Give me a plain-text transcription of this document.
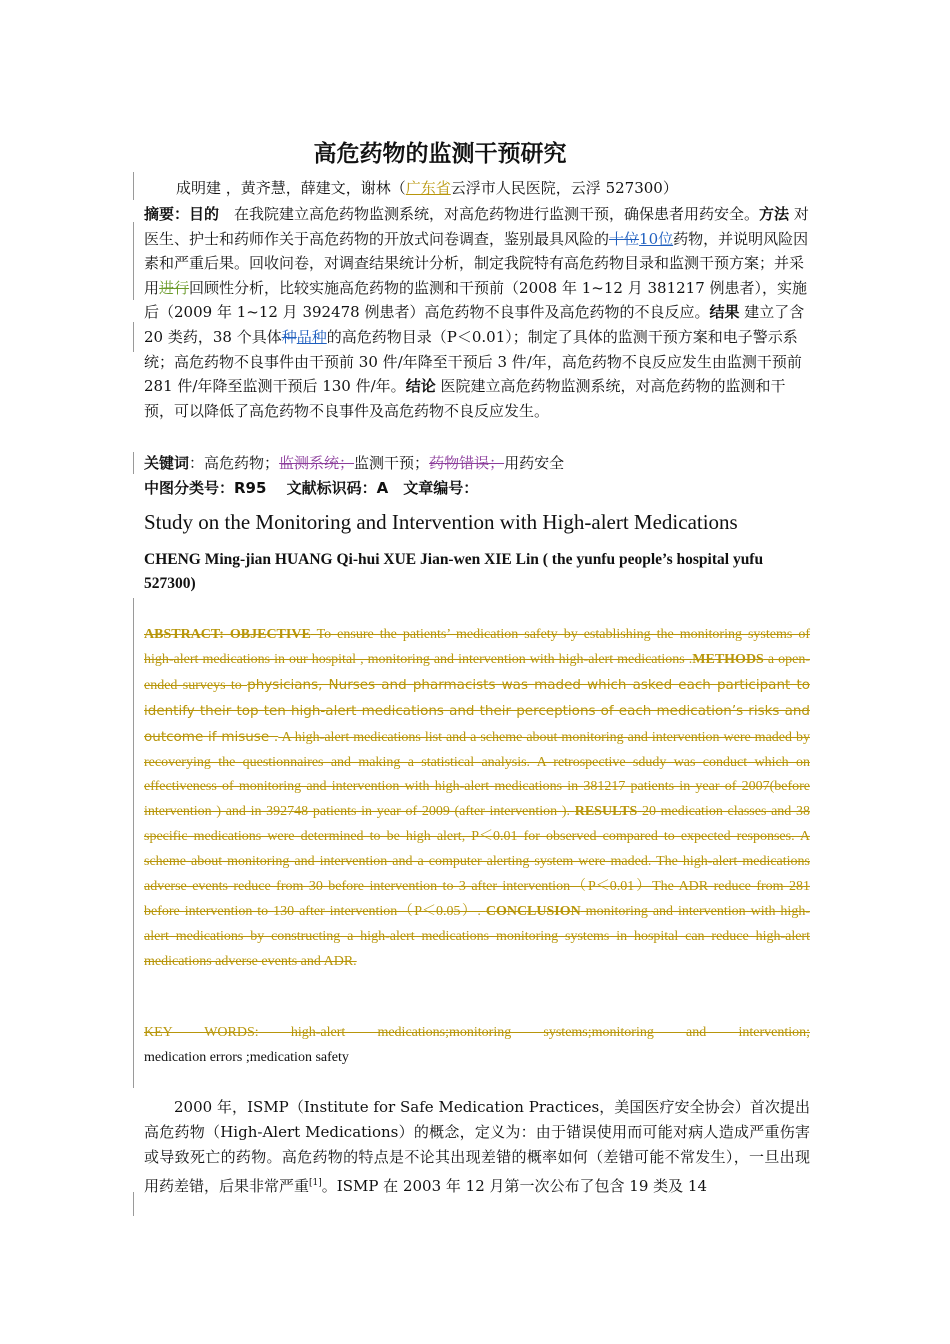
高危药物的监测干预研究
成明建 ，黄齐慧，薛建文，谢林（广东省云浮市人民医院，云浮 527300）
摘要：目的　在我院建立高危药物监测系统，对高危药物进行监测干预，确保患者用药安全。方法 对医生、护士和药师作关于高危药物的开放式问卷调查，鉴别最具风险的十位10位药物，并说明风险因素和严重后果。回收问卷，对调查结果统计分析，制定我院特有高危药物目录和监测干预方案；并采用进行回顾性分析，比较实施高危药物的监测和干预前（2008 年 1~12 月 381217 例患者），实施后（2009 年 1~12 月 392478 例患者）高危药物不良事件及高危药物的不良反应。结果 建立了含 20 类药，38 个具体种品种的高危药物目录（P＜0.01）；制定了具体的监测干预方案和电子警示系统；高危药物不良事件由干预前 30 件/年降至干预后 3 件/年，高危药物不良反应发生由监测干预前 281 件/年降至监测干预后 130 件/年。结论 医院建立高危药物监测系统，对高危药物的监测和干预，可以降低了高危药物不良事件及高危药物不良反应发生。
关键词：高危药物；监测系统；监测干预；药物错误；用药安全
中图分类号：R95　 文献标识码：A　文章编号：
Study on the Monitoring and Intervention with High-alert Medications
CHENG Ming-jian HUANG Qi-hui XUE Jian-wen XIE Lin ( the yunfu people’s hospital yufu 527300)
ABSTRACT: OBJECTIVE To ensure the patients’ medication safety by establishing the monitoring systems of high-alert medications in our hospital , monitoring and intervention with high-alert medications .METHODS a open-ended surveys to physicians, Nurses and pharmacists was maded which asked each participant to identify their top ten high-alert medications and their perceptions of each medication’s risks and outcome if misuse . A high-alert medications list and a scheme about monitoring and intervention were maded by recoverying the questionnaires and making a statistical analysis. A retrospective sdudy was conduct which on effectiveness of monitoring and intervention with high-alert medications in 381217 patients in year of 2007(before intervention ) and in 392748 patients in year of 2009 (after intervention ). RESULTS 20 medication classes and 38 specific medications were determined to be high alert, P＜0.01 for observed compared to expected responses. A scheme about monitoring and intervention and a computer alerting system were maded. The high-alert medications adverse events reduce from 30 before intervention to 3 after intervention（P＜0.01）The ADR reduce from 281 before intervention to 130 after intervention（P＜0.05）. CONCLUSION monitoring and intervention with high-alert medications by constructing a high-alert medications monitoring systems in hospital can reduce high-alert medications adverse events and ADR.
KEY WORDS: high-alert medications;monitoring systems;monitoring and intervention;
medication errors ;medication safety
2000 年，ISMP（Institute for Safe Medication Practices，美国医疗安全协会）首次提出高危药物（High-Alert Medications）的概念，定义为：由于错误使用而可能对病人造成严重伤害或导致死亡的药物。高危药物的特点是不论其出现差错的概率如何（差错可能不常发生），一旦出现用药差错，后果非常严重[1]。ISMP 在 2003 年 12 月第一次公布了包含 19 类及 14
